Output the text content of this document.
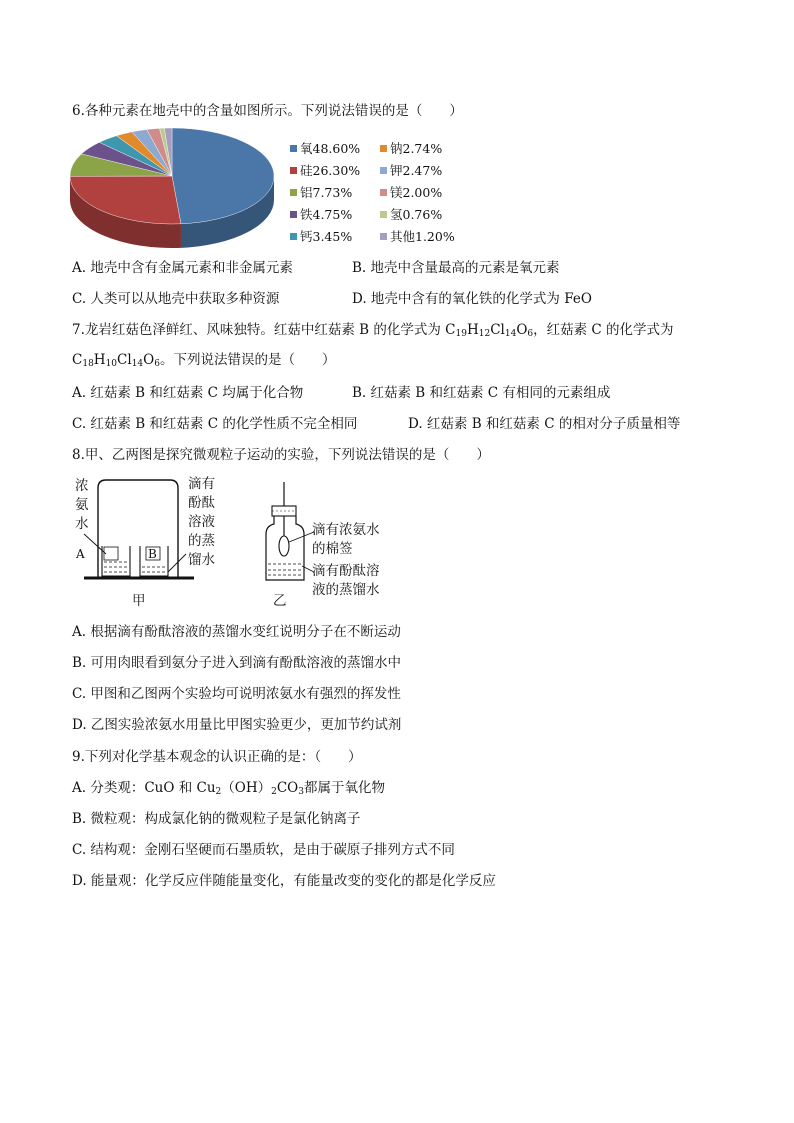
6.各种元素在地壳中的含量如图所示。下列说法错误的是（　　）
氧48.60%
硅26.30%
铝7.73%
铁4.75%
钙3.45%
钠2.74%
钾2.47%
镁2.00%
氢0.76%
其他1.20%
A. 地壳中含有金属元素和非金属元素	B. 地壳中含量最高的元素是氧元素
C. 人类可以从地壳中获取多种资源	D. 地壳中含有的氧化铁的化学式为 FeO
7.龙岩红菇色泽鲜红、风味独特。红菇中红菇素 B 的化学式为 $C_{19}H_{12}Cl_{14}O_6$，红菇素 C 的化学式为
$C_{18}H_{10}Cl_{14}O_6$。下列说法错误的是（　　）
A. 红菇素 B 和红菇素 C 均属于化合物	B. 红菇素 B 和红菇素 C 有相同的元素组成
C. 红菇素 B 和红菇素 C 的化学性质不完全相同	D. 红菇素 B 和红菇素 C 的相对分子质量相等
8.甲、乙两图是探究微观粒子运动的实验，下列说法错误的是（　　）
A	B
浓
氨
水
滴有
酚酞
溶液
的蒸
馏水
甲
滴有浓氨水
的棉签
滴有酚酞溶
液的蒸馏水
乙
A. 根据滴有酚酞溶液的蒸馏水变红说明分子在不断运动
B. 可用肉眼看到氨分子进入到滴有酚酞溶液的蒸馏水中
C. 甲图和乙图两个实验均可说明浓氨水有强烈的挥发性
D. 乙图实验浓氨水用量比甲图实验更少，更加节约试剂
9.下列对化学基本观念的认识正确的是：（　　）
A. 分类观：CuO 和 $Cu_2(OH)_2CO_3$都属于氧化物
B. 微粒观：构成氯化钠的微观粒子是氯化钠离子
C. 结构观：金刚石坚硬而石墨质软，是由于碳原子排列方式不同
D. 能量观：化学反应伴随能量变化，有能量改变的变化的都是化学反应
